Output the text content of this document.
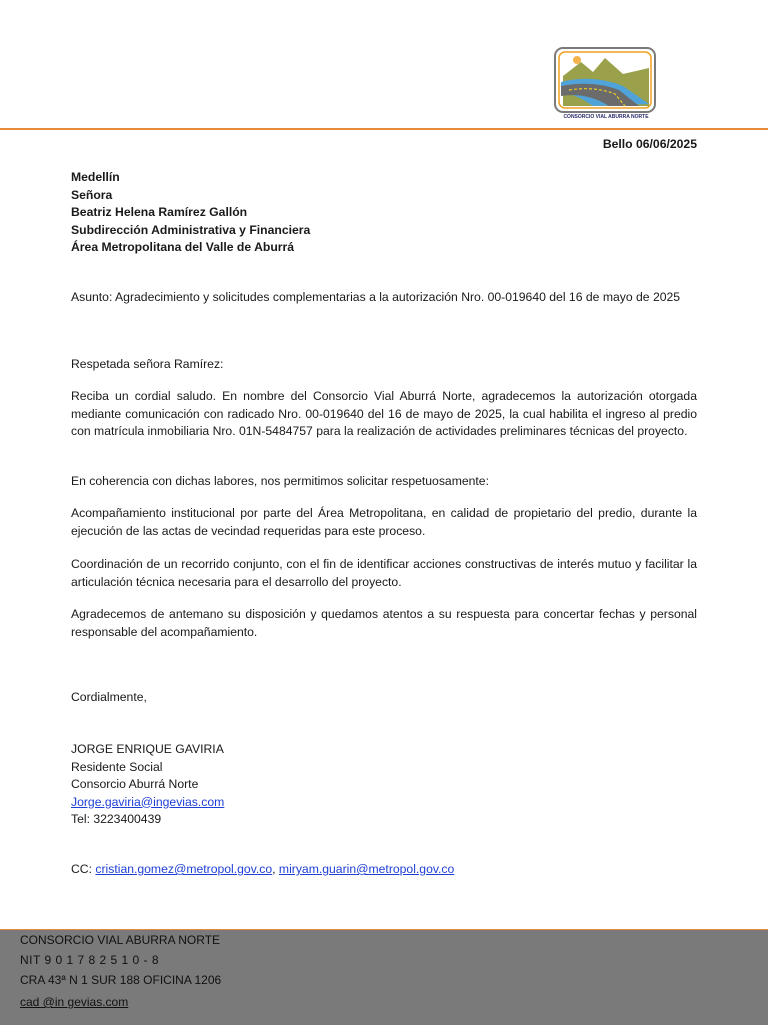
CONSORCIO VIAL ABURRA NORTE
Bello 06/06/2025
Medellín
Señora
Beatriz Helena Ramírez Gallón
Subdirección Administrativa y Financiera
Área Metropolitana del Valle de Aburrá
Asunto: Agradecimiento y solicitudes complementarias a la autorización Nro. 00-019640 del 16 de mayo de 2025
Respetada señora Ramírez:
Reciba un cordial saludo. En nombre del Consorcio Vial Aburrá Norte, agradecemos la autorización otorgada mediante comunicación con radicado Nro. 00-019640 del 16 de mayo de 2025, la cual habilita el ingreso al predio con matrícula inmobiliaria Nro. 01N-5484757 para la realización de actividades preliminares técnicas del proyecto.
En coherencia con dichas labores, nos permitimos solicitar respetuosamente:
Acompañamiento institucional por parte del Área Metropolitana, en calidad de propietario del predio, durante la ejecución de las actas de vecindad requeridas para este proceso.
Coordinación de un recorrido conjunto, con el fin de identificar acciones constructivas de interés mutuo y facilitar la articulación técnica necesaria para el desarrollo del proyecto.
Agradecemos de antemano su disposición y quedamos atentos a su respuesta para concertar fechas y personal responsable del acompañamiento.
Cordialmente,
JORGE ENRIQUE GAVIRIA
Residente Social
Consorcio Aburrá Norte
Jorge.gaviria@ingevias.com
Tel: 3223400439
CC: cristian.gomez@metropol.gov.co, miryam.guarin@metropol.gov.co
CONSORCIO VIAL ABURRA NORTE
NIT 9 0 1 7 8 2 5 1 0 - 8
CRA 43ª N 1 SUR 188 OFICINA 1206
cad @in gevias.com
